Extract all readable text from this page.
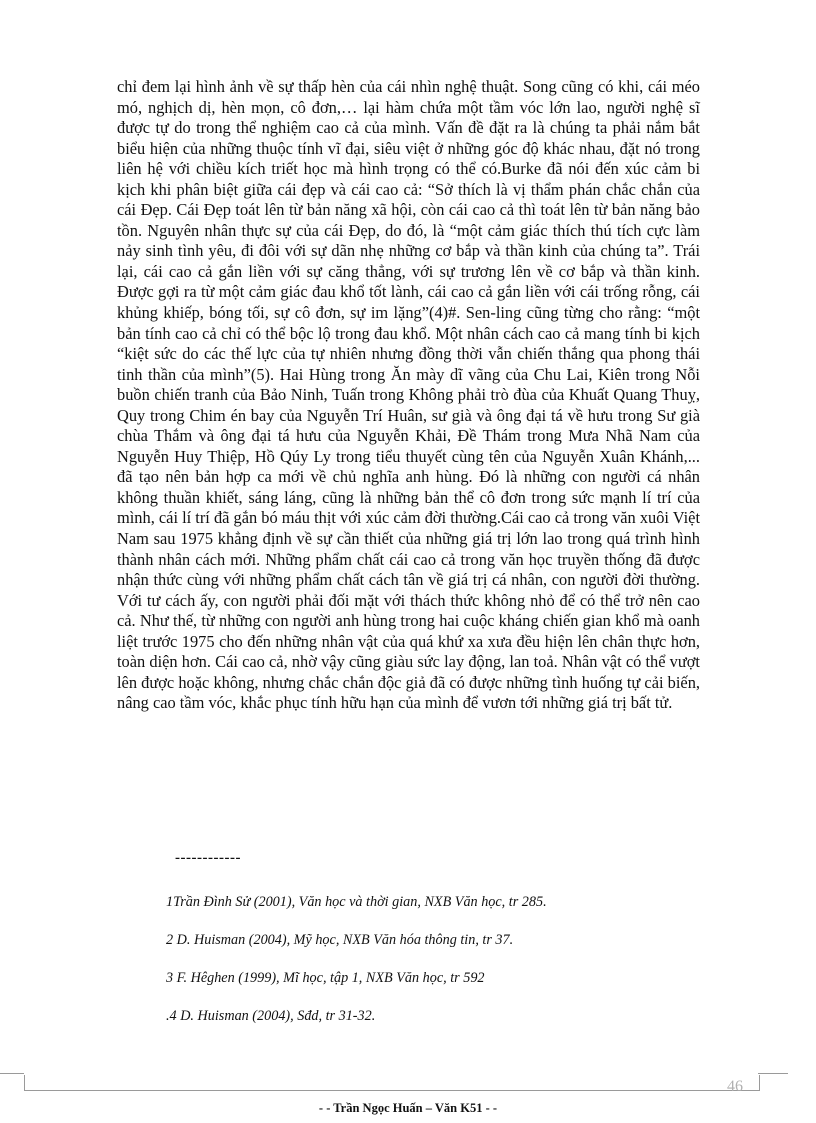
chỉ đem lại hình ảnh về sự thấp hèn của cái nhìn nghệ thuật. Song cũng có khi, cái méo mó, nghịch dị, hèn mọn, cô đơn,… lại hàm chứa một tầm vóc lớn lao, người nghệ sĩ được tự do trong thể nghiệm cao cả của mình. Vấn đề đặt ra là chúng ta phải nắm bắt biểu hiện của những thuộc tính vĩ đại, siêu việt ở những góc độ khác nhau, đặt nó trong liên hệ với chiều kích triết học mà hình trọng có thể có.Burke đã nói đến xúc cảm bi kịch khi phân biệt giữa cái đẹp và cái cao cả: “Sở thích là vị thẩm phán chắc chắn của cái Đẹp. Cái Đẹp toát lên từ bản năng xã hội, còn cái cao cả thì toát lên từ bản năng bảo tồn. Nguyên nhân thực sự của cái Đẹp, do đó, là “một cảm giác thích thú tích cực làm nảy sinh tình yêu, đi đôi với sự dãn nhẹ những cơ bắp và thần kinh của chúng ta”. Trái lại, cái cao cả gắn liền với sự căng thẳng, với sự trương lên về cơ bắp và thần kinh. Được gợi ra từ một cảm giác đau khổ tốt lành, cái cao cả gắn liền với cái trống rỗng, cái khủng khiếp, bóng tối, sự cô đơn, sự im lặng”(4)#. Sen-ling cũng từng cho rằng: “một bản tính cao cả chỉ có thể bộc lộ trong đau khổ. Một nhân cách cao cả mang tính bi kịch “kiệt sức do các thế lực của tự nhiên nhưng đồng thời vẫn chiến thắng qua phong thái tinh thần của mình”(5). Hai Hùng trong Ăn mày dĩ vãng của Chu Lai, Kiên trong Nỗi buồn chiến tranh của Bảo Ninh, Tuấn trong Không phải trò đùa của Khuất Quang Thuỵ, Quy trong Chim én bay của Nguyễn Trí Huân, sư già và ông đại tá về hưu trong Sư già chùa Thắm và ông đại tá hưu của Nguyễn Khải, Đề Thám trong Mưa Nhã Nam của Nguyễn Huy Thiệp, Hồ Qúy Ly trong tiểu thuyết cùng tên của Nguyễn Xuân Khánh,... đã tạo nên bản hợp ca mới về chủ nghĩa anh hùng. Đó là những con người cá nhân không thuần khiết, sáng láng, cũng là những bản thể cô đơn trong sức mạnh lí trí của mình, cái lí trí đã gắn bó máu thịt với xúc cảm đời thường.Cái cao cả trong văn xuôi Việt Nam sau 1975 khẳng định về sự cần thiết của những giá trị lớn lao trong quá trình hình thành nhân cách mới. Những phẩm chất cái cao cả trong văn học truyền thống đã được nhận thức cùng với những phẩm chất cách tân về giá trị cá nhân, con người đời thường. Với tư cách ấy, con người phải đối mặt với thách thức không nhỏ để có thể trở nên cao cả. Như thế, từ những con người anh hùng trong hai cuộc kháng chiến gian khổ mà oanh liệt trước 1975 cho đến những nhân vật của quá khứ xa xưa đều hiện lên chân thực hơn, toàn diện hơn. Cái cao cả, nhờ vậy cũng giàu sức lay động, lan toả. Nhân vật có thể vượt lên được hoặc không, nhưng chắc chắn độc giả đã có được những tình huống tự cải biến, nâng cao tầm vóc, khắc phục tính hữu hạn của mình để vươn tới những giá trị bất tử.

------------

1Trần Đình Sử (2001), Văn học và thời gian, NXB Văn học, tr 285.
2 D. Huisman (2004), Mỹ học, NXB Văn hóa thông tin, tr 37.
3 F. Hêghen (1999), Mĩ học, tập 1, NXB Văn học, tr 592
.4 D. Huisman (2004), Sđd, tr 31-32.

46

- - Trần Ngọc Huấn – Văn K51 - -
